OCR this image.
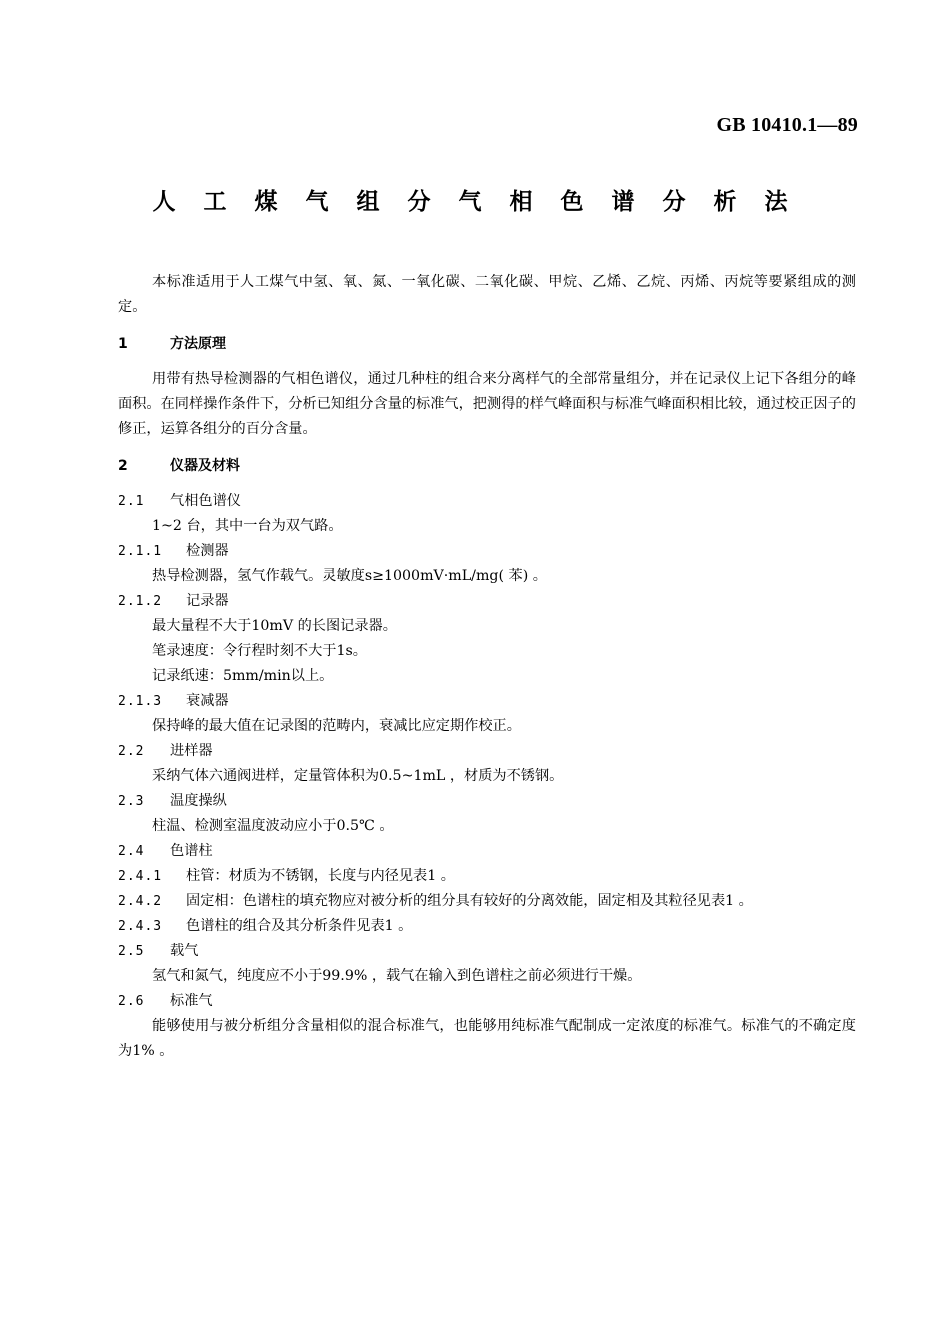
GB 10410.1—89
人 工 煤 气 组 分 气 相 色 谱 分 析 法

本标准适用于人工煤气中氢、氧、氮、一氧化碳、二氧化碳、甲烷、乙烯、乙烷、丙烯、丙烷等要紧组成的测定。

1	方法原理

用带有热导检测器的气相色谱仪，通过几种柱的组合来分离样气的全部常量组分，并在记录仪上记下各组分的峰面积。在同样操作条件下，分析已知组分含量的标准气，把测得的样气峰面积与标准气峰面积相比较，通过校正因子的修正，运算各组分的百分含量。

2	仪器及材料

2.1 气相色谱仪

1~2 台，其中一台为双气路。

2.1.1 检测器

热导检测器，氢气作载气。灵敏度s≥1000mV·mL/mg( 苯) 。

2.1.2 记录器

最大量程不大于10mV 的长图记录器。

笔录速度：令行程时刻不大于1s。

记录纸速：5mm/min以上。

2.1.3 衰减器

保持峰的最大值在记录图的范畴内，衰减比应定期作校正。

2.2 进样器

采纳气体六通阀进样，定量管体积为0.5~1mL ，材质为不锈钢。

2.3 温度操纵

柱温、检测室温度波动应小于0.5℃ 。

2.4 色谱柱

2.4.1 柱管：材质为不锈钢，长度与内径见表1 。

2.4.2 固定相：色谱柱的填充物应对被分析的组分具有较好的分离效能，固定相及其粒径见表1 。

2.4.3 色谱柱的组合及其分析条件见表1 。

2.5 载气

氢气和氮气，纯度应不小于99.9% ，载气在输入到色谱柱之前必须进行干燥。

2.6 标准气

能够使用与被分析组分含量相似的混合标准气，也能够用纯标准气配制成一定浓度的标准气。标准气的不确定度为1% 。
